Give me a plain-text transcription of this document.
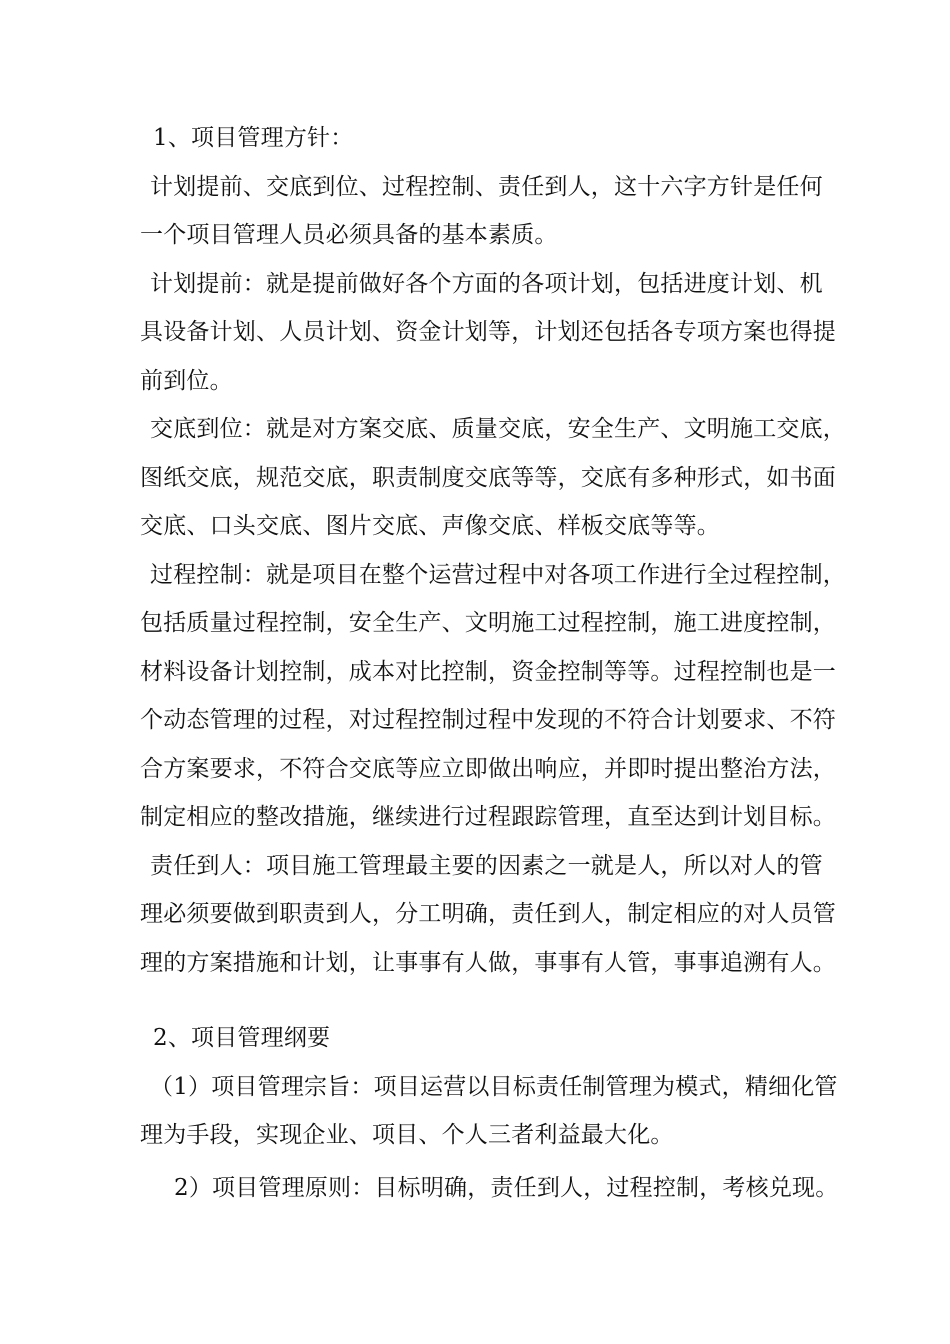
1、项目管理方针：
计划提前、交底到位、过程控制、责任到人，这十六字方针是任何
一个项目管理人员必须具备的基本素质。
计划提前：就是提前做好各个方面的各项计划，包括进度计划、机
具设备计划、人员计划、资金计划等，计划还包括各专项方案也得提
前到位。
交底到位：就是对方案交底、质量交底，安全生产、文明施工交底，
图纸交底，规范交底，职责制度交底等等，交底有多种形式，如书面
交底、口头交底、图片交底、声像交底、样板交底等等。
过程控制：就是项目在整个运营过程中对各项工作进行全过程控制，
包括质量过程控制，安全生产、文明施工过程控制，施工进度控制，
材料设备计划控制，成本对比控制，资金控制等等。过程控制也是一
个动态管理的过程，对过程控制过程中发现的不符合计划要求、不符
合方案要求，不符合交底等应立即做出响应，并即时提出整治方法，
制定相应的整改措施，继续进行过程跟踪管理，直至达到计划目标。
责任到人：项目施工管理最主要的因素之一就是人，所以对人的管
理必须要做到职责到人，分工明确，责任到人，制定相应的对人员管
理的方案措施和计划，让事事有人做，事事有人管，事事追溯有人。
2、项目管理纲要
（1）项目管理宗旨：项目运营以目标责任制管理为模式，精细化管
理为手段，实现企业、项目、个人三者利益最大化。
2）项目管理原则：目标明确，责任到人，过程控制，考核兑现。
